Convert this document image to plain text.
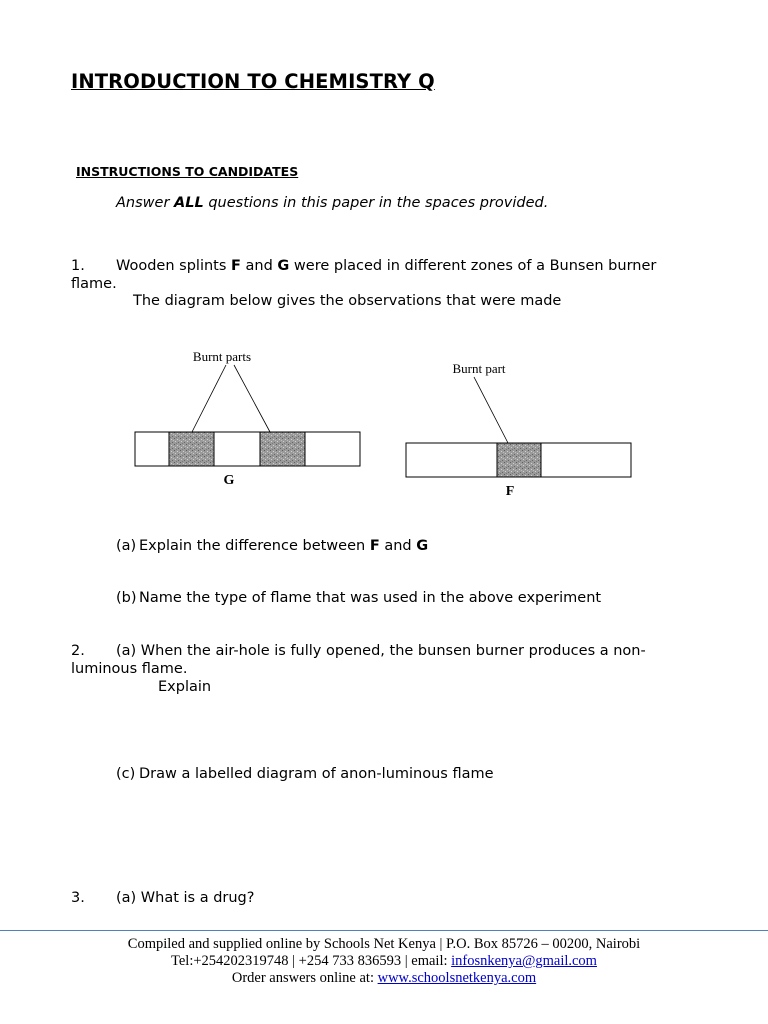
INTRODUCTION TO CHEMISTRY Q
INSTRUCTIONS TO CANDIDATES
Answer ALL questions in this paper in the spaces provided.
1. Wooden splints F and G were placed in different zones of a Bunsen burner
flame.
The diagram below gives the observations that were made
Burnt parts
G
Burnt part
F
(a) Explain the difference between F and G
(b) Name the type of flame that was used in the above experiment
2. (a) When the air-hole is fully opened, the bunsen burner produces a non-
luminous flame.
Explain
(c) Draw a labelled diagram of anon-luminous flame
3. (a) What is a drug?
Compiled and supplied online by Schools Net Kenya | P.O. Box 85726 – 00200, Nairobi
Tel:+254202319748 | +254 733 836593 | email: infosnkenya@gmail.com
Order answers online at: www.schoolsnetkenya.com
